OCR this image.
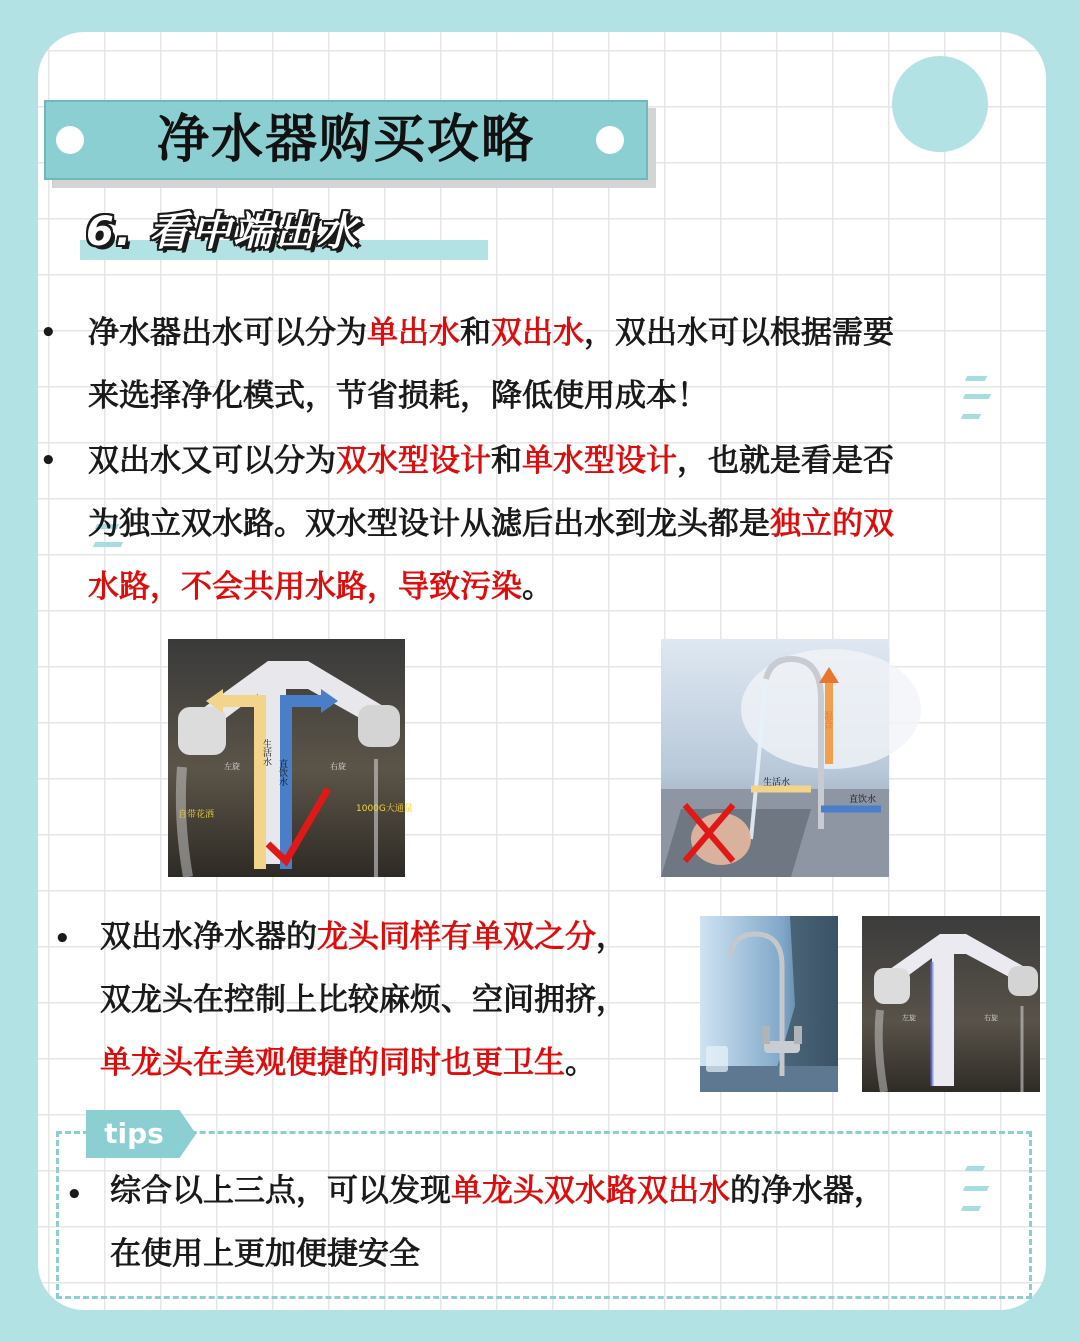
净水器购买攻略
6. 看中端出水
• 净水器出水可以分为单出水和双出水，双出水可以根据需要
来选择净化模式，节省损耗，降低使用成本！
• 双出水又可以分为双水型设计和单水型设计，也就是看是否
为独立双水路。双水型设计从滤后出水到龙头都是独立的双
水路，不会共用水路，导致污染。
生活水
直饮水
左旋	右旋
自带花洒
1000G大通量
混合
生活水
直饮水
• 双出水净水器的龙头同样有单双之分，
双龙头在控制上比较麻烦、空间拥挤，
单龙头在美观便捷的同时也更卫生。
左旋	右旋
tips
• 综合以上三点，可以发现单龙头双水路双出水的净水器，
在使用上更加便捷安全
